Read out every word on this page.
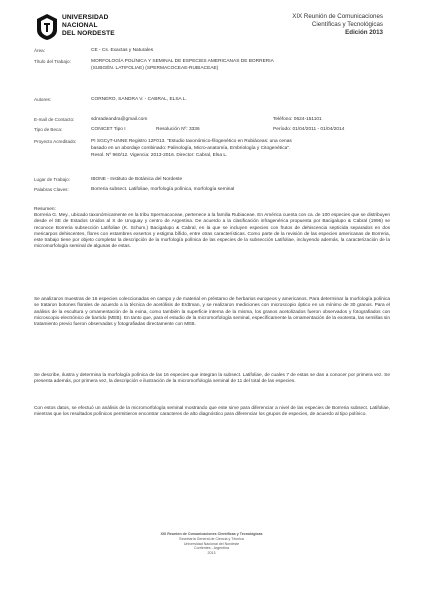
UNIVERSIDAD
NACIONAL
DEL NORDESTE
XIX Reunión de Comunicaciones
Científicas y Tecnológicas
Edición 2013
Área:	CE - Cs. Exactas y Naturales
Título del Trabajo:	MORFOLOGÍA POLÍNICA Y SEMINAL DE ESPECIES AMERICANAS DE BORRERIA
(SUBGÉN. LATIFOLIAE) (SPERMACOCEAE-RUBIACEAE)
Autores:	CORNERO, SANDRA V. - CABRAL, ELSA L.
E-mail de Contacto:	sdnradeandra@gmail.com	Teléfono: 0624-151101
Tipo de Beca:	CONICET Tipo I	Resolución Nº: 3336	Período: 01/04/2011 - 01/04/2014
Proyecto Acreditado:	PI SGCyT-UNNE Registro 12F013. “Estudio taxonómico-filogenético en Rubiáceas: una cenas
basado en un abordaje combinado: Palinología, Micro-anatomía, Embriología y Citogenética”.
Resol. Nº 960/12. Vigencia: 2013-2016. Director: Cabral, Elsa L.
Lugar de Trabajo:	IBONE - Instituto de Botánica del Nordeste
Palabras Claves:	Borreria subsect. Latifoliae, morfología polínica, morfología seminal
Resumen:
Borreria G. Mey., ubicado taxonómicamente en la tribu Spermacoceae, pertenece a la familia Rubiaceae. En América cuenta con ca. de 100 especies que se distribuyen desde el SE de Estados Unidos al S de Uruguay y centro de Argentina. De acuerdo a la clasificación infragenérica propuesta por Bacigalupo & Cabral (1996) se reconoce Borreria subsección Latifoliae (K. Schum.) Bacigalupo & Cabral, en la que se incluyen especies con frutos de dehiscencia septicida separados en dos mericarpos dehiscentes, flores con estambres exsertos y estigma bífido, entre otras características. Como parte de la revisión de las especies americanas de Borreria, este trabajo tiene por objeto completar la descripción de la morfología polínica de las especies de la subsección Latifoliae, incluyendo además, la caracterización de la micromorfología seminal de algunas de estas.
Se analizaron muestras de 16 especies coleccionadas en campo y de material en préstamo de herbarios europeos y americanos. Para determinar la morfología polínica se trataron botones florales de acuerdo a la técnica de acetólisis de Erdtman, y se realizaron mediciones con microscopio óptico en un mínimo de 30 granos. Para el análisis de la escultura y ornamentación de la exina, como también la superficie interna de la misma, los granos acetolizados fueron observados y fotografiados con microscopio electrónico de barrido (MEB). En tanto que, para el estudio de la micromorfología seminal, específicamente la ornamentación de la exotesta, las semillas sin tratamiento previo fueron observadas y fotografiadas directamente con MEB.
Se describe, ilustra y determina la morfología polínica de las 16 especies que integran la subsect. Latifoliae, de cuales 7 de estas se dan a conocer por primera vez. Se presenta además, por primera vez, la descripción e ilustración de la micromorfología seminal de 11 del total de las especies.
Con estos datos, se efectuó un análisis de la micromorfología seminal mostrando que este sirve para diferenciar a nivel de las especies de Borreria subsect. Latifoliae, mientras que los resultados polínicos permitieron encontrar caracteres de alto diagnóstico para diferenciar los grupos de especies, de acuerdo al tipo polínico.
XIX Reunión de Comunicaciones Científicas y Tecnológicas
Secretaría General de Ciencia y Técnica
Universidad Nacional del Nordeste
Corrientes - Argentina
2013
